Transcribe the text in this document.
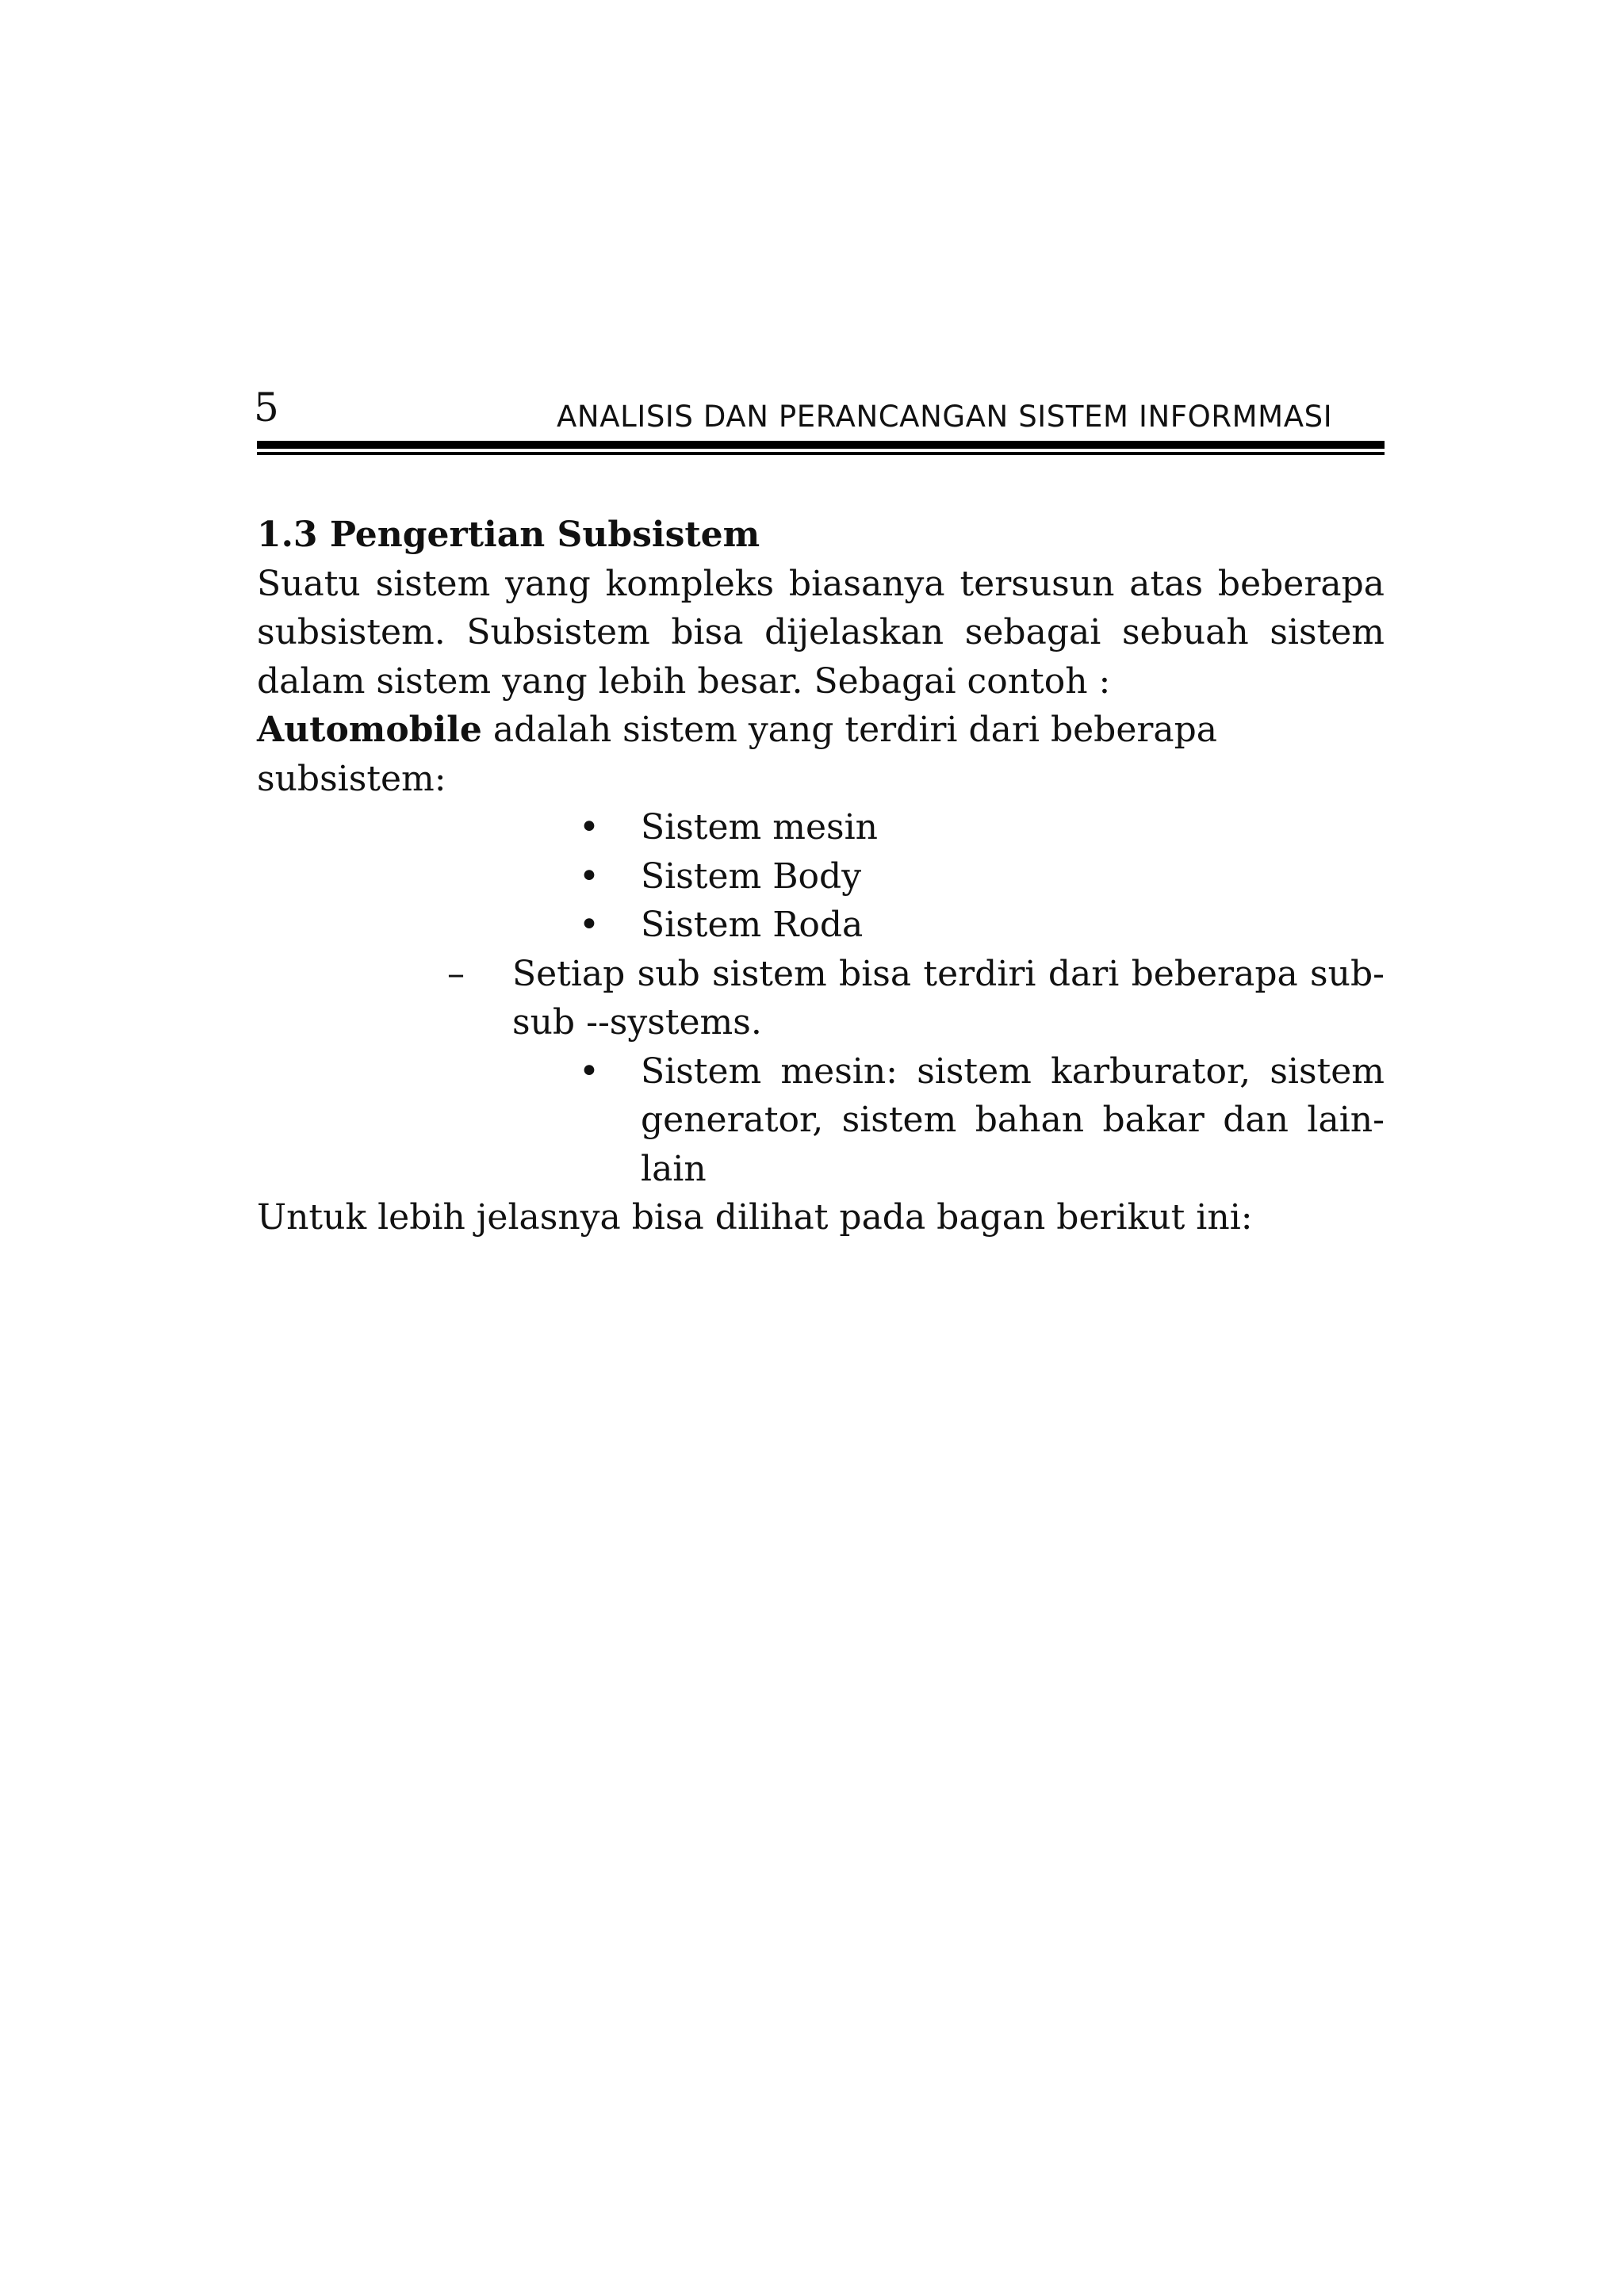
5	ANALISIS DAN PERANCANGAN SISTEM INFORMMASI
1.3 Pengertian Subsistem

Suatu sistem yang kompleks biasanya tersusun atas beberapa
subsistem. Subsistem bisa dijelaskan sebagai sebuah sistem
dalam sistem yang lebih besar. Sebagai contoh :

Automobile adalah sistem yang terdiri dari beberapa subsistem:

• Sistem mesin
• Sistem Body
• Sistem Roda
– Setiap sub sistem bisa terdiri dari beberapa sub-
sub --systems.
• Sistem mesin: sistem karburator, sistem
generator, sistem bahan bakar dan lain-
lain

Untuk lebih jelasnya bisa dilihat pada bagan berikut ini:
